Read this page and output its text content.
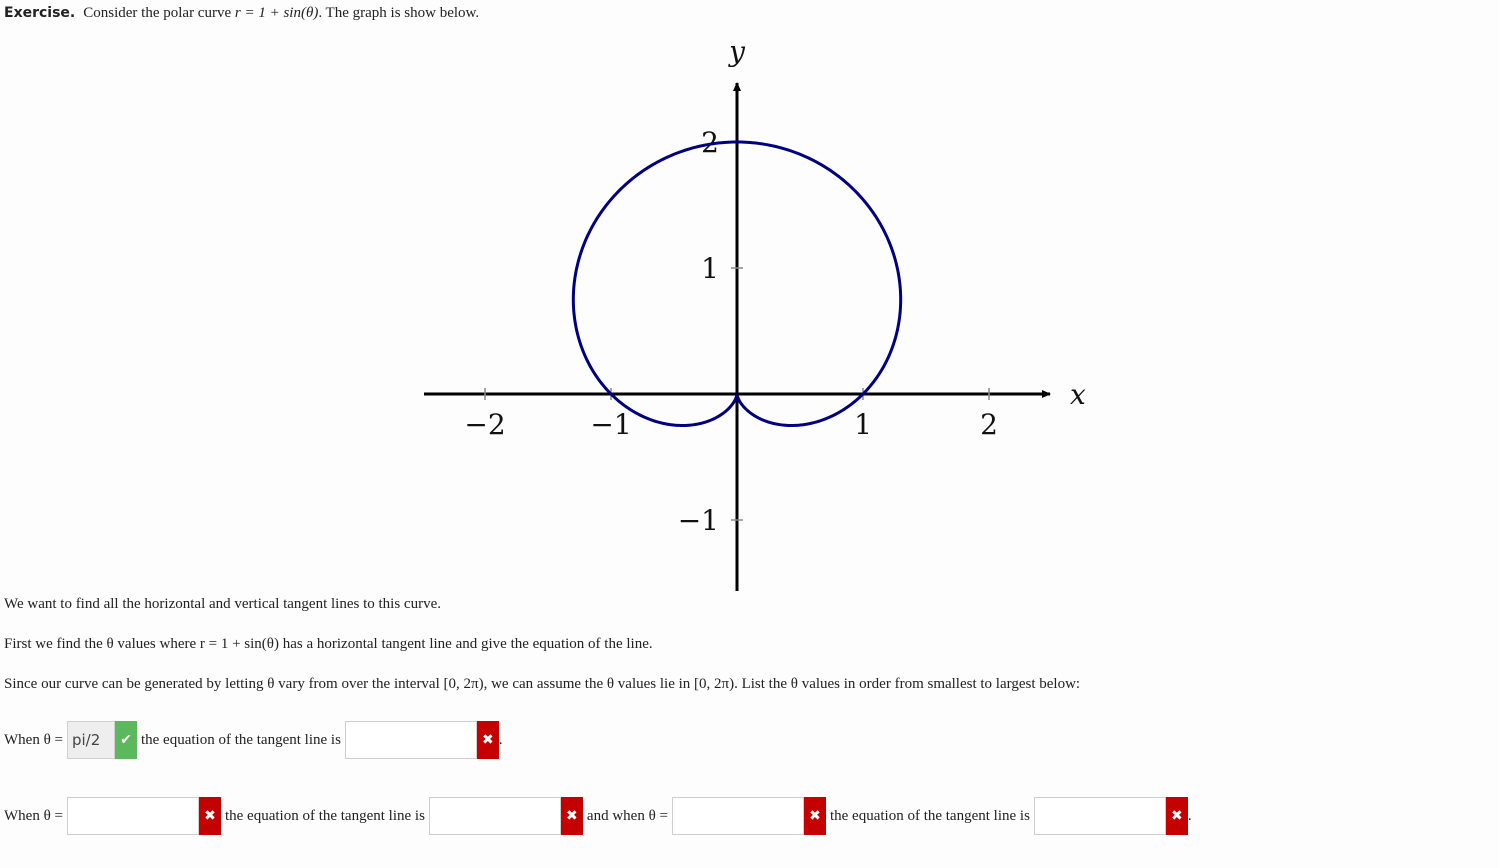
Exercise. Consider the polar curve r = 1 + sin(θ). The graph is show below.
−2	−1	1	2
−1
1
2
x
y
We want to find all the horizontal and vertical tangent lines to this curve.
First we find the θ values where r = 1 + sin(θ) has a horizontal tangent line and give the equation of the line.
Since our curve can be generated by letting θ vary from over the interval [0, 2π), we can assume the θ values lie in [0, 2π). List the θ values in order from smallest to largest below:
When θ =
pi/2	✔ the equation of the tangent line is	✖ .
When θ =	✖ the equation of the tangent line is	✖ and when θ =	✖ the equation of the tangent line is	✖ .
